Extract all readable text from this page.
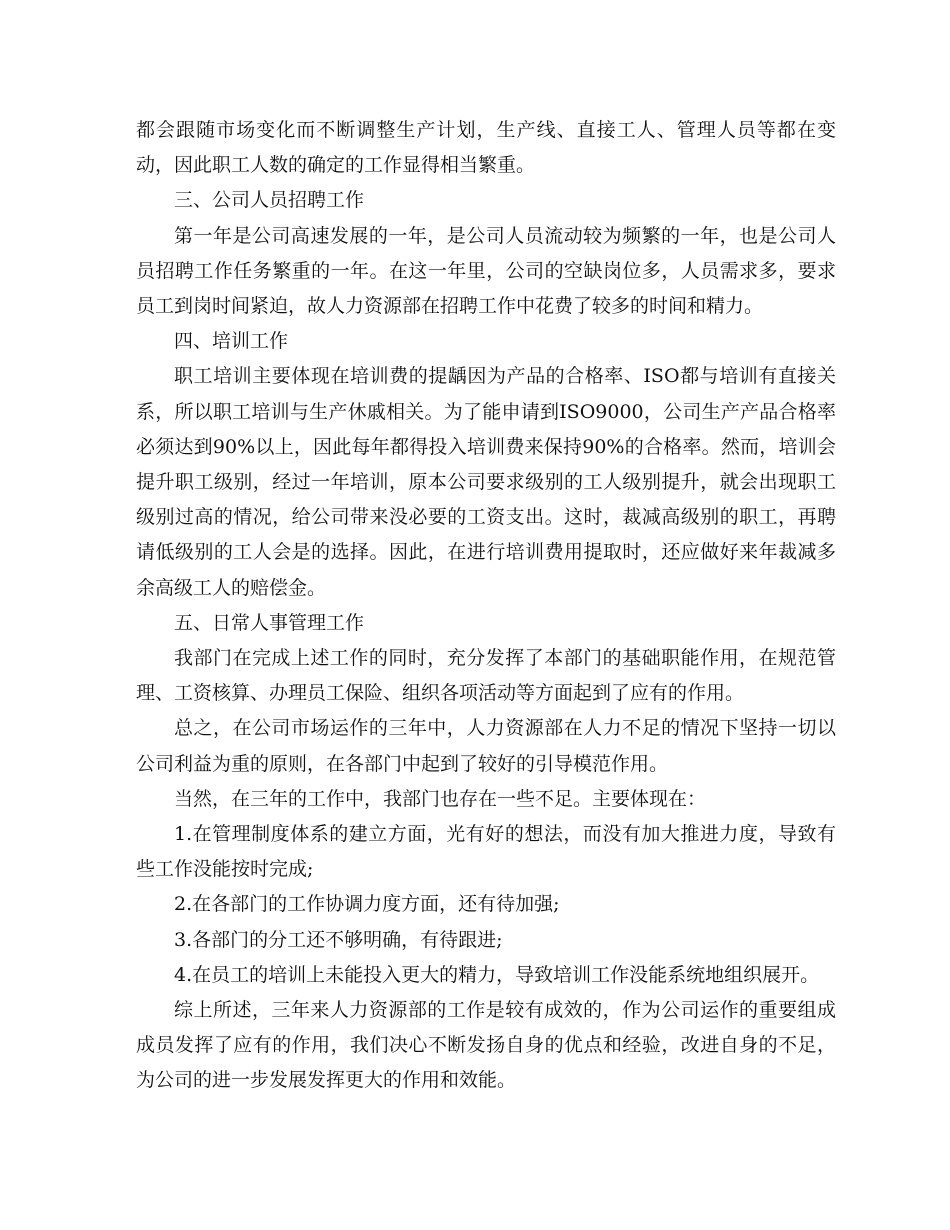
都会跟随市场变化而不断调整生产计划，生产线、直接工人、管理人员等都在变动，因此职工人数的确定的工作显得相当繁重。

三、公司人员招聘工作

第一年是公司高速发展的一年，是公司人员流动较为频繁的一年，也是公司人员招聘工作任务繁重的一年。在这一年里，公司的空缺岗位多，人员需求多，要求员工到岗时间紧迫，故人力资源部在招聘工作中花费了较多的时间和精力。

四、培训工作

职工培训主要体现在培训费的提龋因为产品的合格率、ISO都与培训有直接关系，所以职工培训与生产休戚相关。为了能申请到ISO9000，公司生产产品合格率必须达到90%以上，因此每年都得投入培训费来保持90%的合格率。然而，培训会提升职工级别，经过一年培训，原本公司要求级别的工人级别提升，就会出现职工级别过高的情况，给公司带来没必要的工资支出。这时，裁减高级别的职工，再聘请低级别的工人会是的选择。因此，在进行培训费用提取时，还应做好来年裁减多余高级工人的赔偿金。

五、日常人事管理工作

我部门在完成上述工作的同时，充分发挥了本部门的基础职能作用，在规范管理、工资核算、办理员工保险、组织各项活动等方面起到了应有的作用。

总之，在公司市场运作的三年中，人力资源部在人力不足的情况下坚持一切以公司利益为重的原则，在各部门中起到了较好的引导模范作用。

当然，在三年的工作中，我部门也存在一些不足。主要体现在：

1.在管理制度体系的建立方面，光有好的想法，而没有加大推进力度，导致有些工作没能按时完成;

2.在各部门的工作协调力度方面，还有待加强;

3.各部门的分工还不够明确，有待跟进;

4.在员工的培训上未能投入更大的精力，导致培训工作没能系统地组织展开。

综上所述，三年来人力资源部的工作是较有成效的，作为公司运作的重要组成成员发挥了应有的作用，我们决心不断发扬自身的优点和经验，改进自身的不足，为公司的进一步发展发挥更大的作用和效能。
